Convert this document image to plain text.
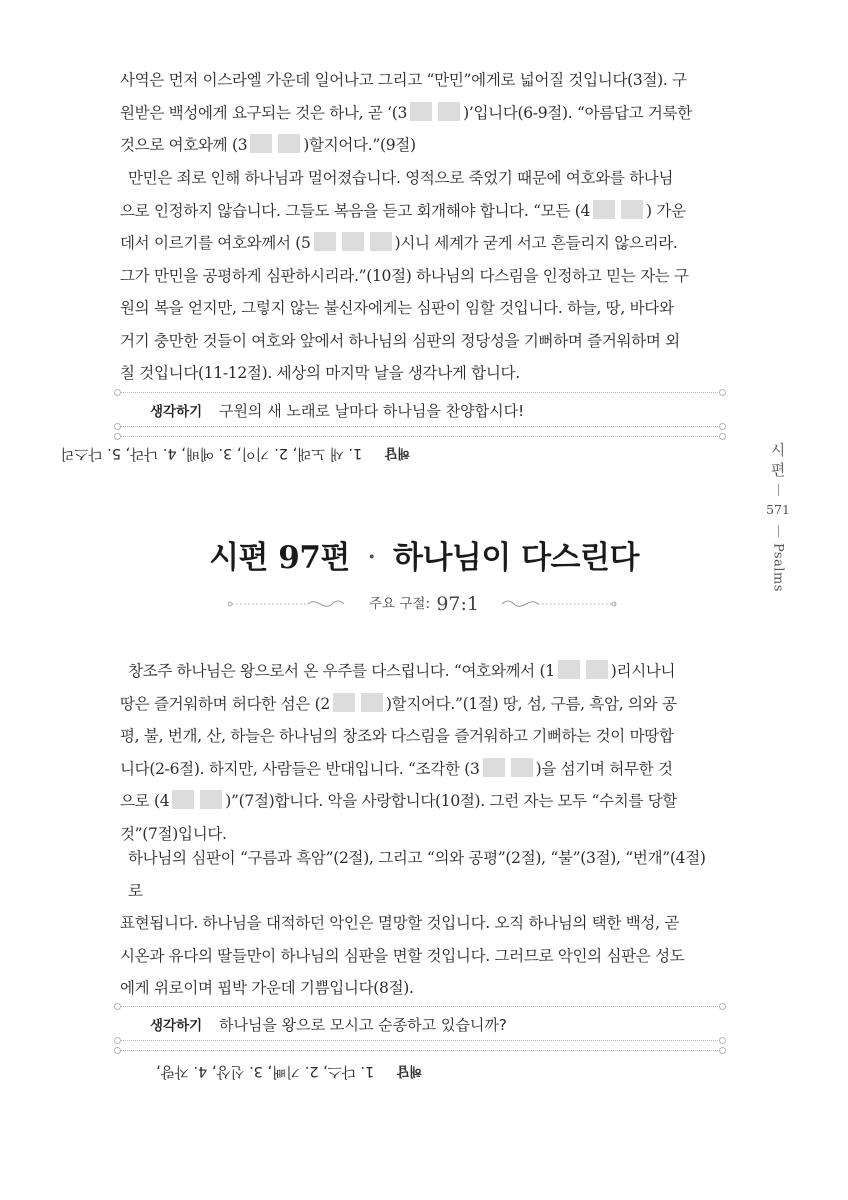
사역은 먼저 이스라엘 가운데 일어나고 그리고 “만민”에게로 넓어질 것입니다(3절). 구
원받은 백성에게 요구되는 것은 하나, 곧 ‘(3	)’입니다(6-9절). “아름답고 거룩한
것으로 여호와께 (3	)할지어다.”(9절)
만민은 죄로 인해 하나님과 멀어졌습니다. 영적으로 죽었기 때문에 여호와를 하나님
으로 인정하지 않습니다. 그들도 복음을 듣고 회개해야 합니다. “모든 (4	) 가운
데서 이르기를 여호와께서 (5	)시니 세계가 굳게 서고 흔들리지 않으리라.
그가 만민을 공평하게 심판하시리라.”(10절) 하나님의 다스림을 인정하고 믿는 자는 구
원의 복을 얻지만, 그렇지 않는 불신자에게는 심판이 임할 것입니다. 하늘, 땅, 바다와
거기 충만한 것들이 여호와 앞에서 하나님의 심판의 정당성을 기뻐하며 즐거워하며 외
칠 것입니다(11-12절). 세상의 마지막 날을 생각나게 합니다.
생각하기 구원의 새 노래로 날마다 하나님을 찬양합시다!
해답 1. 새 노래, 2. 기이, 3. 예배, 4. 나라, 5. 다스리	시
편
571
Psalms
시편 97편 · 하나님이 다스린다
주요 구절: 97:1
창조주 하나님은 왕으로서 온 우주를 다스립니다. “여호와께서 (1	)리시나니
땅은 즐거워하며 허다한 섬은 (2	)할지어다.”(1절) 땅, 섬, 구름, 흑암, 의와 공
평, 불, 번개, 산, 하늘은 하나님의 창조와 다스림을 즐거워하고 기뻐하는 것이 마땅합
니다(2-6절). 하지만, 사람들은 반대입니다. “조각한 (3	)을 섬기며 허무한 것
으로 (4	)”(7절)합니다. 악을 사랑합니다(10절). 그런 자는 모두 “수치를 당할
것”(7절)입니다.
하나님의 심판이 “구름과 흑암”(2절), 그리고 “의와 공평”(2절), “불”(3절), “번개”(4절)로
표현됩니다. 하나님을 대적하던 악인은 멸망할 것입니다. 오직 하나님의 택한 백성, 곧
시온과 유다의 딸들만이 하나님의 심판을 면할 것입니다. 그러므로 악인의 심판은 성도
에게 위로이며 핍박 가운데 기쁨입니다(8절).
생각하기 하나님을 왕으로 모시고 순종하고 있습니까?
해답 1. 다스, 2. 기뻐, 3. 신상, 4. 자랑,
